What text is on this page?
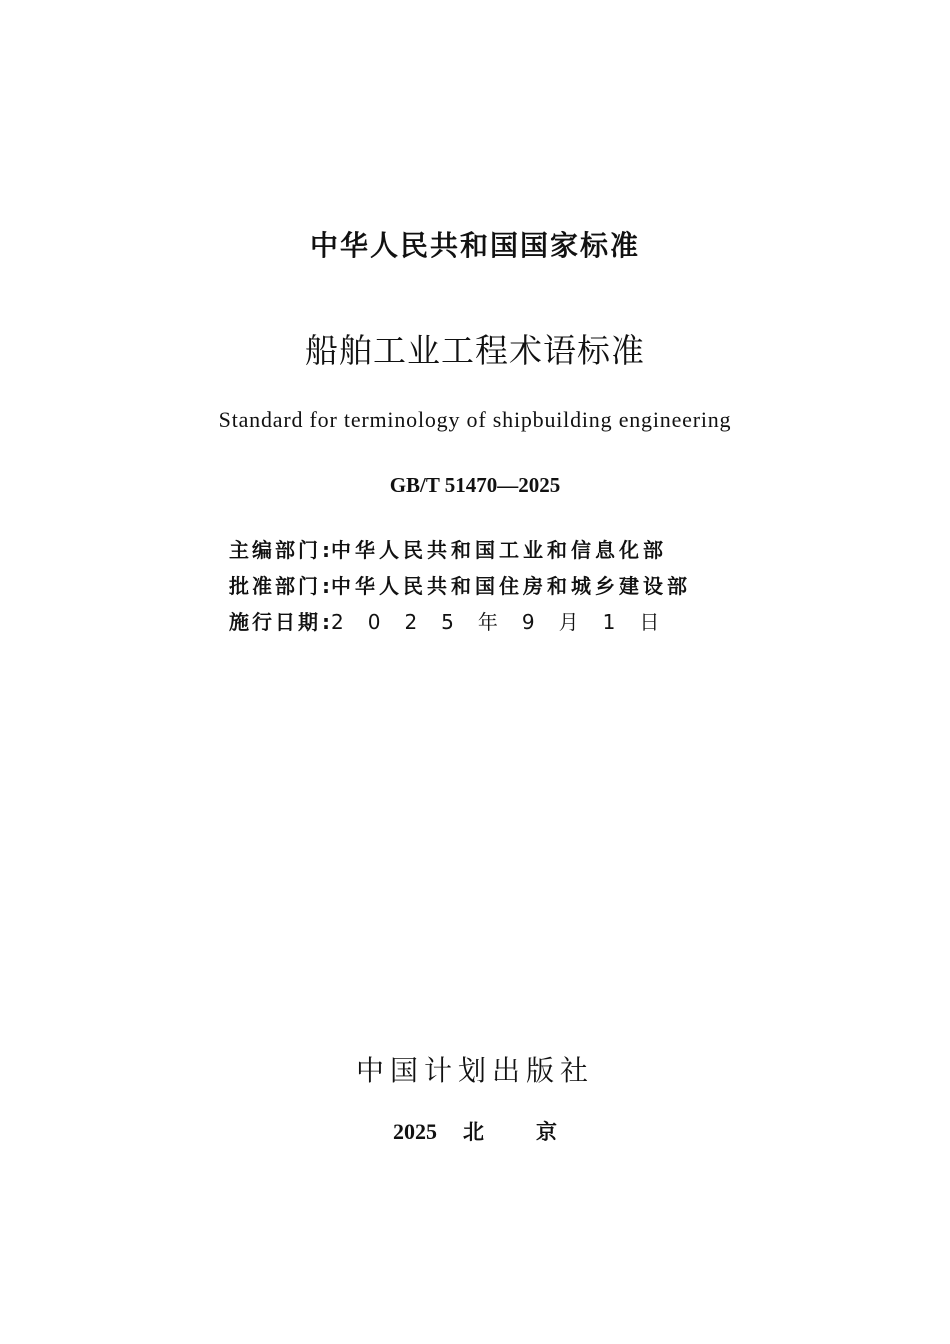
中华人民共和国国家标准
船舶工业工程术语标准
Standard for terminology of shipbuilding engineering
GB/T 51470—2025
主编部门 : 中华人民共和国工业和信息化部
批准部门 : 中华人民共和国住房和城乡建设部
施行日期 : 2025年9月1日
中国计划出版社
2025 北京
